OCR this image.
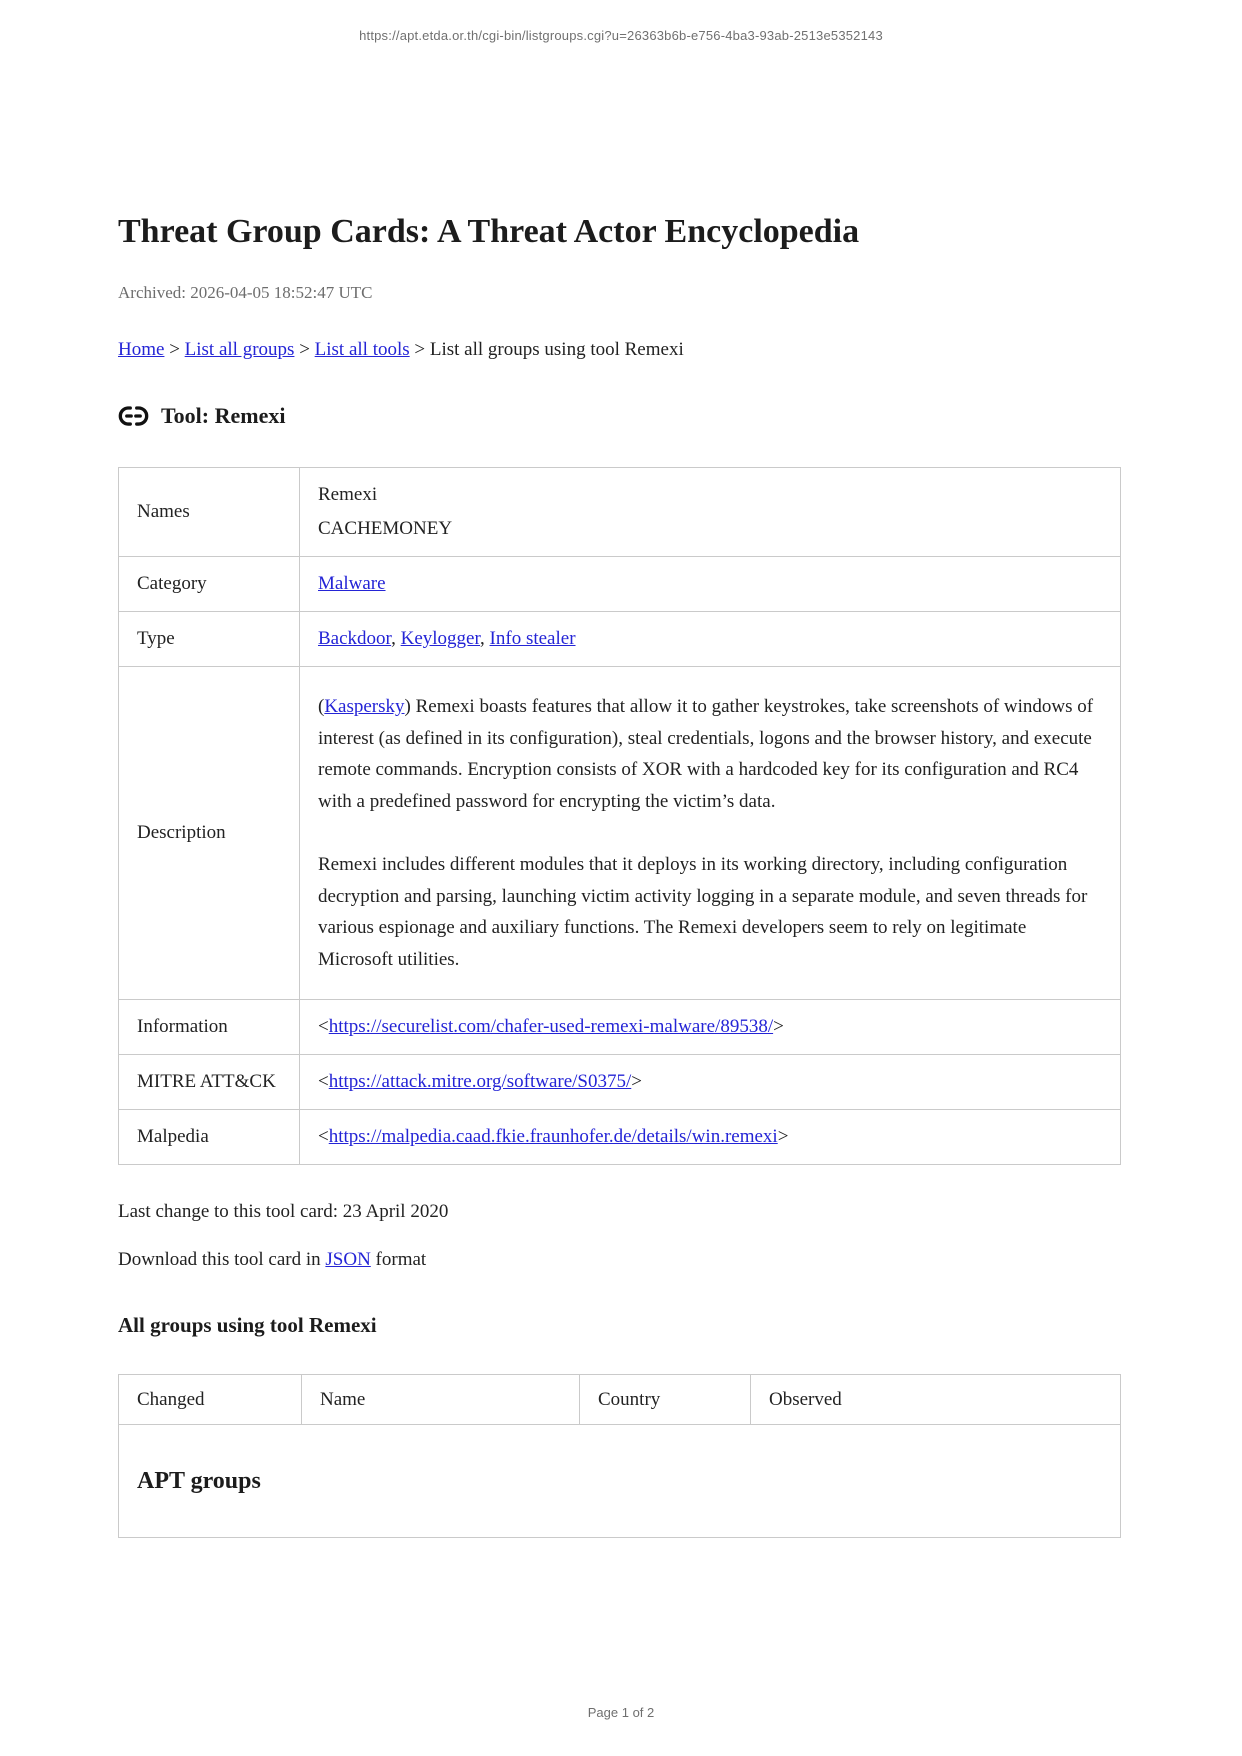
https://apt.etda.or.th/cgi-bin/listgroups.cgi?u=26363b6b-e756-4ba3-93ab-2513e5352143
Threat Group Cards: A Threat Actor Encyclopedia

Archived: 2026-04-05 18:52:47 UTC

Home > List all groups > List all tools > List all groups using tool Remexi
Tool: Remexi
Names	Remexi
CACHEMONEY

Category	Malware
Type	Backdoor, Keylogger, Info stealer
Description	(Kaspersky) Remexi boasts features that allow it to gather keystrokes, take screenshots of windows of interest (as defined in its configuration), steal credentials, logons and the browser history, and execute remote commands. Encryption consists of XOR with a hardcoded key for its configuration and RC4 with a predefined password for encrypting the victim’s data.

Remexi includes different modules that it deploys in its working directory, including configuration decryption and parsing, launching victim activity logging in a separate module, and seven threads for various espionage and auxiliary functions. The Remexi developers seem to rely on legitimate Microsoft utilities.

Information	<https://securelist.com/chafer-used-remexi-malware/89538/>
MITRE ATT&CK	<https://attack.mitre.org/software/S0375/>
Malpedia	<https://malpedia.caad.fkie.fraunhofer.de/details/win.remexi>

Last change to this tool card: 23 April 2020

Download this tool card in JSON format

All groups using tool Remexi
Changed	Name	Country	Observed
APT groups
Page 1 of 2
